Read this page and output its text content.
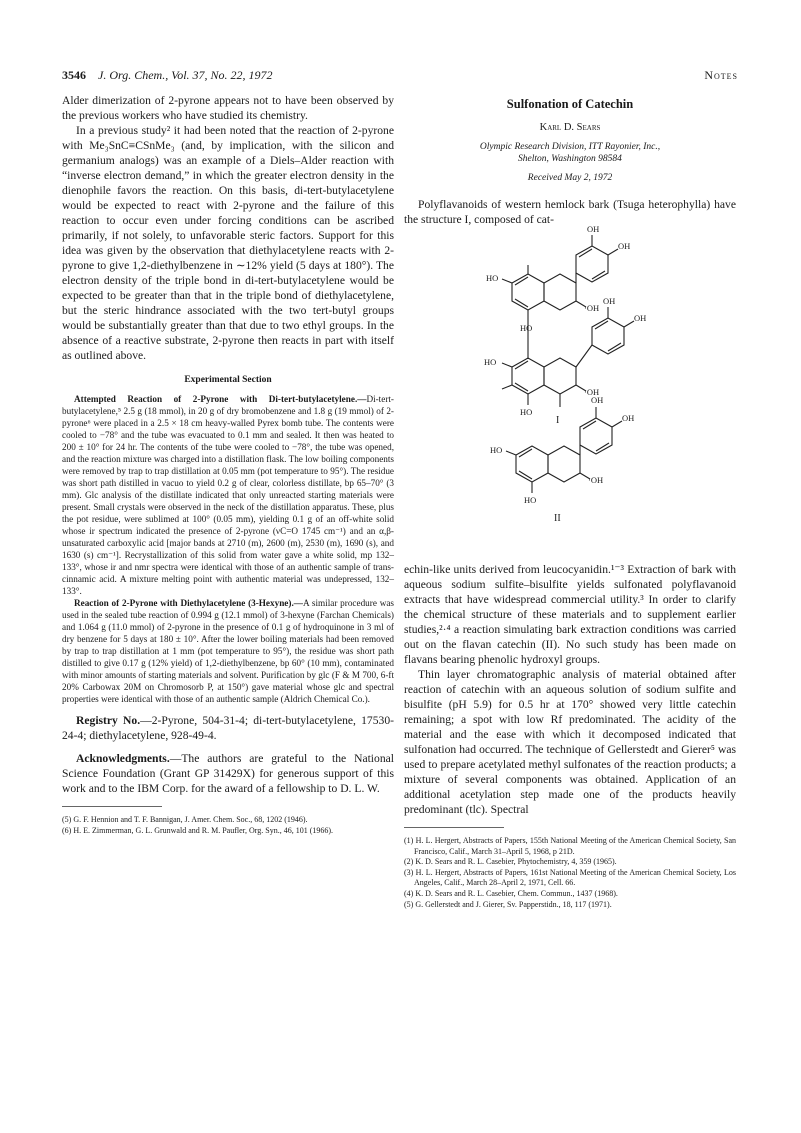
3546 J. Org. Chem., Vol. 37, No. 22, 1972	Notes

Alder dimerization of 2-pyrone appears not to have been observed by the previous workers who have studied its chemistry.

In a previous study² it had been noted that the reaction of 2-pyrone with Me₃SnC≡CSnMe₃ (and, by implication, with the silicon and germanium analogs) was an example of a Diels–Alder reaction with “inverse electron demand,” in which the greater electron density in the dienophile favors the reaction. On this basis, di-tert-butylacetylene would be expected to react with 2-pyrone and the failure of this reaction to occur even under forcing conditions can be ascribed primarily, if not solely, to unfavorable steric factors. Support for this idea was given by the observation that diethylacetylene reacts with 2-pyrone to give 1,2-diethylbenzene in ∼12% yield (5 days at 180°). The electron density of the triple bond in di-tert-butylacetylene would be expected to be greater than that in the triple bond of diethylacetylene, but the steric hindrance associated with the two tert-butyl groups would be substantially greater than that due to two ethyl groups. In the absence of a reactive substrate, 2-pyrone then reacts in part with itself as outlined above.

Experimental Section

Attempted Reaction of 2-Pyrone with Di-tert-butylacetylene.—Di-tert-butylacetylene,⁵ 2.5 g (18 mmol), in 20 g of dry bromobenzene and 1.8 g (19 mmol) of 2-pyrone⁶ were placed in a 2.5 × 18 cm heavy-walled Pyrex bomb tube. The contents were cooled to −78° and the tube was evacuated to 0.1 mm and sealed. It then was heated to 200 ± 10° for 24 hr. The contents of the tube were cooled to −78°, the tube was opened, and the reaction mixture was charged into a distillation flask. The low boiling components were removed by trap to trap distillation at 0.05 mm (pot temperature to 95°). The residue was short path distilled in vacuo to yield 0.2 g of clear, colorless distillate, bp 65–70° (3 mm). Glc analysis of the distillate indicated that only unreacted starting materials were present. Small crystals were observed in the neck of the distillation apparatus. These, plus the pot residue, were sublimed at 100° (0.05 mm), yielding 0.1 g of an off-white solid whose ir spectrum indicated the presence of 2-pyrone (νC=O 1745 cm⁻¹) and an α,β-unsaturated carboxylic acid [major bands at 2710 (m), 2600 (m), 2530 (m), 1690 (s), and 1630 (s) cm⁻¹]. Recrystallization of this solid from water gave a white solid, mp 132–133°, whose ir and nmr spectra were identical with those of an authentic sample of trans-cinnamic acid. A mixture melting point with authentic material was undepressed, 132–133°.

Reaction of 2-Pyrone with Diethylacetylene (3-Hexyne).—A similar procedure was used in the sealed tube reaction of 0.994 g (12.1 mmol) of 3-hexyne (Farchan Chemicals) and 1.064 g (11.0 mmol) of 2-pyrone in the presence of 0.1 g of hydroquinone in 3 ml of dry benzene for 5 days at 180 ± 10°. After the lower boiling materials had been removed by trap to trap distillation at 1 mm (pot temperature to 95°), the residue was short path distilled to give 0.17 g (12% yield) of 1,2-diethylbenzene, bp 60° (10 mm), contaminated with minor amounts of starting materials and solvent. Purification by glc (F & M 700, 6-ft 20% Carbowax 20M on Chromosorb P, at 150°) gave material whose glc and spectral properties were identical with those of an authentic sample (Aldrich Chemical Co.).

Registry No.—2-Pyrone, 504-31-4; di-tert-butylacetylene, 17530-24-4; diethylacetylene, 928-49-4.

Acknowledgments.—The authors are grateful to the National Science Foundation (Grant GP 31429X) for generous support of this work and to the IBM Corp. for the award of a fellowship to D. L. W.

(5) G. F. Hennion and T. F. Bannigan, J. Amer. Chem. Soc., 68, 1202 (1946).

(6) H. E. Zimmerman, G. L. Grunwald and R. M. Paufler, Org. Syn., 46, 101 (1966).

Sulfonation of Catechin
Karl D. Sears
Olympic Research Division, ITT Rayonier, Inc.,
Shelton, Washington 98584
Received May 2, 1972

Polyflavanoids of western hemlock bark (Tsuga heterophylla) have the structure I, composed of cat-

OH
OH
HO
·OH
HO
OH
OH
HO
·OH
HO
I
OH
OH
HO
·OH
HO
II

echin-like units derived from leucocyanidin.¹⁻³ Extraction of bark with aqueous sodium sulfite–bisulfite yields sulfonated polyflavanoid extracts that have widespread commercial utility.³ In order to clarify the chemical structure of these materials and to supplement earlier studies,²·⁴ a reaction simulating bark extraction conditions was carried out on the flavan catechin (II). No such study has been made on flavans bearing phenolic hydroxyl groups.

Thin layer chromatographic analysis of material obtained after reaction of catechin with an aqueous solution of sodium sulfite and bisulfite (pH 5.9) for 0.5 hr at 170° showed very little catechin remaining; a spot with low Rf predominated. The acidity of the material and the ease with which it decomposed indicated that sulfonation had occurred. The technique of Gellerstedt and Gierer⁵ was used to prepare acetylated methyl sulfonates of the reaction products; a mixture of several components was obtained. Application of an additional acetylation step made one of the products heavily predominant (tlc). Spectral

(1) H. L. Hergert, Abstracts of Papers, 155th National Meeting of the American Chemical Society, San Francisco, Calif., March 31–April 5, 1968, p 21D.

(2) K. D. Sears and R. L. Casebier, Phytochemistry, 4, 359 (1965).

(3) H. L. Hergert, Abstracts of Papers, 161st National Meeting of the American Chemical Society, Los Angeles, Calif., March 28–April 2, 1971, Cell. 66.

(4) K. D. Sears and R. L. Casebier, Chem. Commun., 1437 (1968).

(5) G. Gellerstedt and J. Gierer, Sv. Papperstidn., 18, 117 (1971).
